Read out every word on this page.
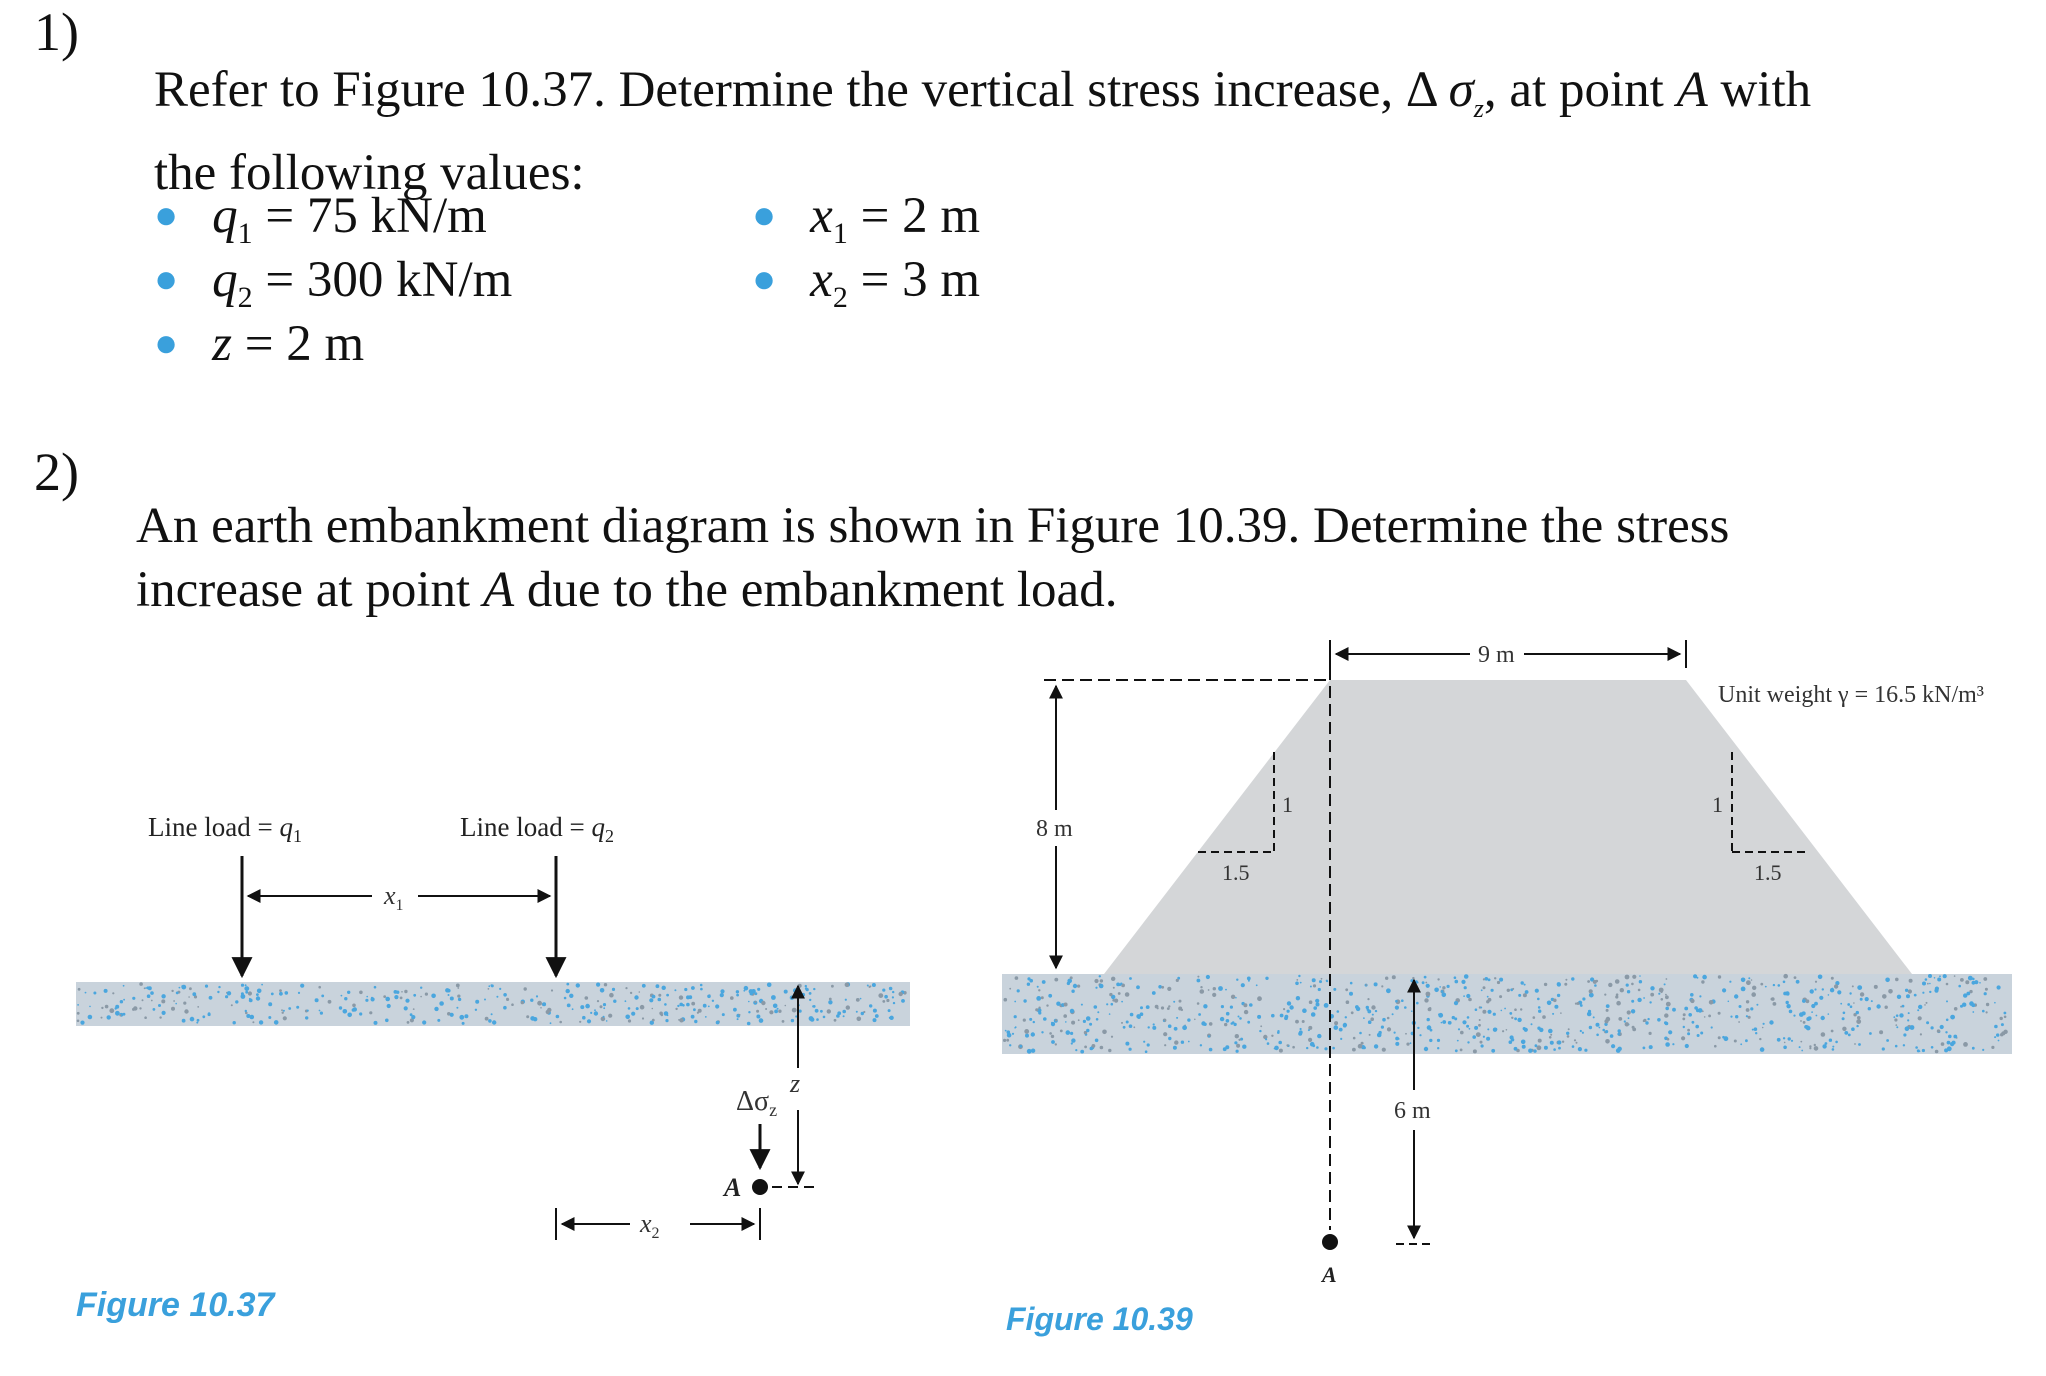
1)
Refer to Figure 10.37. Determine the vertical stress increase, Δ $\sigma_z$, at point A with
the following values:
● $q_1 = 75$ kN/m
● $q_2 = 300$ kN/m
● z = 2 m
● $x_1 = 2$ m
● $x_2 = 3$ m
2)
An earth embankment diagram is shown in Figure 10.39. Determine the stress
increase at point A due to the embankment load.
Line load = $q_1$	Line load = $q_2$
$x_1$
z
$\Delta\sigma_z$
A
$x_2$
Figure 10.37
9 m
Unit weight γ = 16.5 kN/m³
8 m
1
1.5
1
1.5
6 m
A
Figure 10.39
